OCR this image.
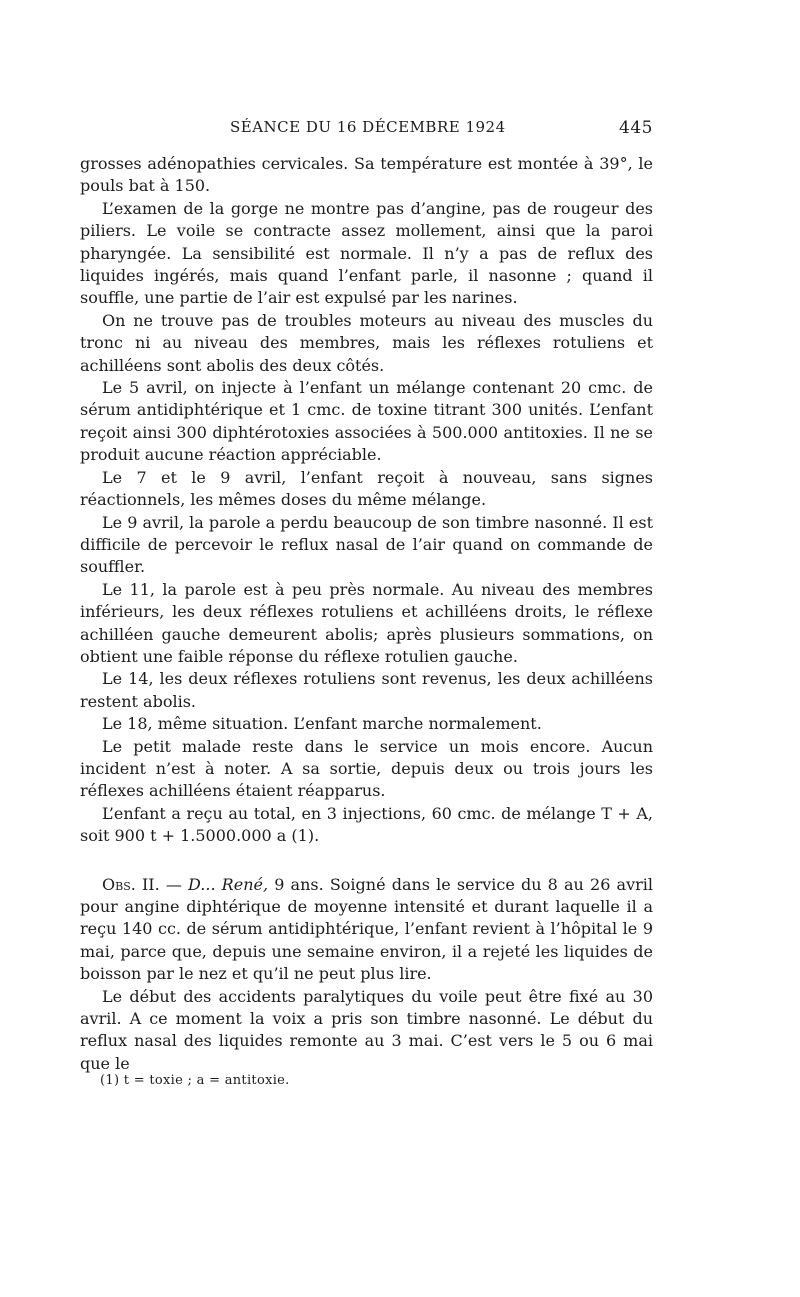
SÉANCE DU 16 DÉCEMBRE 1924	445

grosses adénopathies cervicales. Sa température est montée à 39°, le pouls bat à 150.

L’examen de la gorge ne montre pas d’angine, pas de rougeur des piliers. Le voile se contracte assez mollement, ainsi que la paroi pharyngée. La sensibilité est normale. Il n’y a pas de reflux des liquides ingérés, mais quand l’enfant parle, il nasonne ; quand il souffle, une partie de l’air est expulsé par les narines.

On ne trouve pas de troubles moteurs au niveau des muscles du tronc ni au niveau des membres, mais les réflexes rotuliens et achilléens sont abolis des deux côtés.

Le 5 avril, on injecte à l’enfant un mélange contenant 20 cmc. de sérum antidiphtérique et 1 cmc. de toxine titrant 300 unités. L’enfant reçoit ainsi 300 diphtérotoxies associées à 500.000 antitoxies. Il ne se produit aucune réaction appréciable.

Le 7 et le 9 avril, l’enfant reçoit à nouveau, sans signes réactionnels, les mêmes doses du même mélange.

Le 9 avril, la parole a perdu beaucoup de son timbre nasonné. Il est difficile de percevoir le reflux nasal de l’air quand on commande de souffler.

Le 11, la parole est à peu près normale. Au niveau des membres inférieurs, les deux réflexes rotuliens et achilléens droits, le réflexe achilléen gauche demeurent abolis; après plusieurs sommations, on obtient une faible réponse du réflexe rotulien gauche.

Le 14, les deux réflexes rotuliens sont revenus, les deux achilléens restent abolis.

Le 18, même situation. L’enfant marche normalement.

Le petit malade reste dans le service un mois encore. Aucun incident n’est à noter. A sa sortie, depuis deux ou trois jours les réflexes achilléens étaient réapparus.

L’enfant a reçu au total, en 3 injections, 60 cmc. de mélange T + A, soit 900 t + 1.5000.000 a (1).

Obs. II. — D... René, 9 ans. Soigné dans le service du 8 au 26 avril pour angine diphtérique de moyenne intensité et durant laquelle il a reçu 140 cc. de sérum antidiphtérique, l’enfant revient à l’hôpital le 9 mai, parce que, depuis une semaine environ, il a rejeté les liquides de boisson par le nez et qu’il ne peut plus lire.

Le début des accidents paralytiques du voile peut être fixé au 30 avril. A ce moment la voix a pris son timbre nasonné. Le début du reflux nasal des liquides remonte au 3 mai. C’est vers le 5 ou 6 mai que le

(1) t = toxie ; a = antitoxie.
